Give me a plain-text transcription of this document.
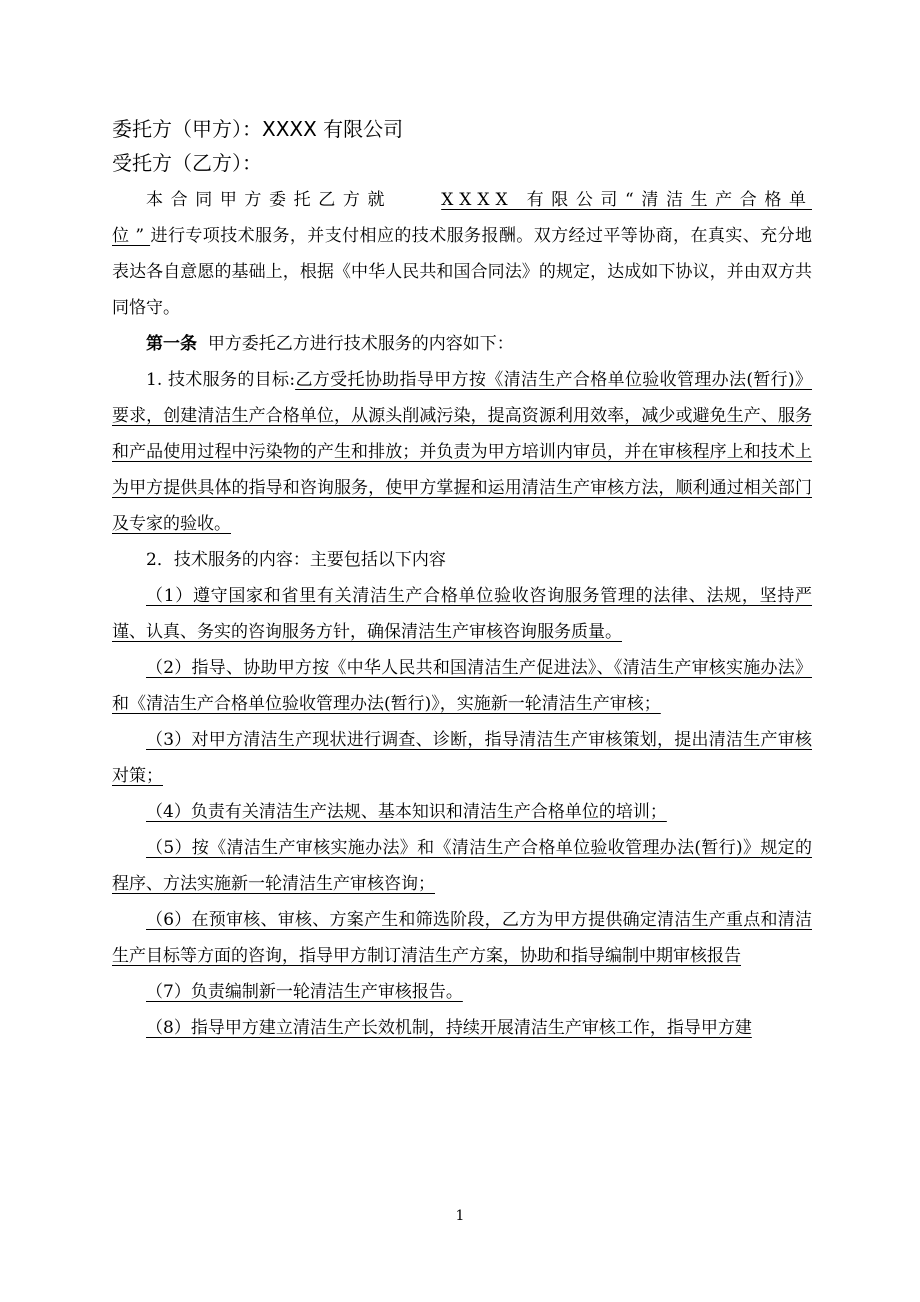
委托方（甲方）：XXXX 有限公司

受托方（乙方）：

本合同甲方委托乙方就	XXXX 有限公司“清洁生产合格单位”进行专项技术服务，并支付相应的技术服务报酬。双方经过平等协商，在真实、充分地表达各自意愿的基础上，根据《中华人民共和国合同法》的规定，达成如下协议，并由双方共同恪守。

第一条 甲方委托乙方进行技术服务的内容如下：

1. 技术服务的目标:乙方受托协助指导甲方按《清洁生产合格单位验收管理办法(暂行)》要求，创建清洁生产合格单位，从源头削减污染，提高资源利用效率，减少或避免生产、服务和产品使用过程中污染物的产生和排放；并负责为甲方培训内审员，并在审核程序上和技术上为甲方提供具体的指导和咨询服务，使甲方掌握和运用清洁生产审核方法，顺利通过相关部门及专家的验收。

2．技术服务的内容：主要包括以下内容

（1）遵守国家和省里有关清洁生产合格单位验收咨询服务管理的法律、法规，坚持严谨、认真、务实的咨询服务方针，确保清洁生产审核咨询服务质量。

（2）指导、协助甲方按《中华人民共和国清洁生产促进法》、《清洁生产审核实施办法》和《清洁生产合格单位验收管理办法(暂行)》，实施新一轮清洁生产审核；

（3）对甲方清洁生产现状进行调查、诊断，指导清洁生产审核策划，提出清洁生产审核对策；

（4）负责有关清洁生产法规、基本知识和清洁生产合格单位的培训；

（5）按《清洁生产审核实施办法》和《清洁生产合格单位验收管理办法(暂行)》规定的程序、方法实施新一轮清洁生产审核咨询；

（6）在预审核、审核、方案产生和筛选阶段，乙方为甲方提供确定清洁生产重点和清洁生产目标等方面的咨询，指导甲方制订清洁生产方案，协助和指导编制中期审核报告

（7）负责编制新一轮清洁生产审核报告。

（8）指导甲方建立清洁生产长效机制，持续开展清洁生产审核工作，指导甲方建

1
